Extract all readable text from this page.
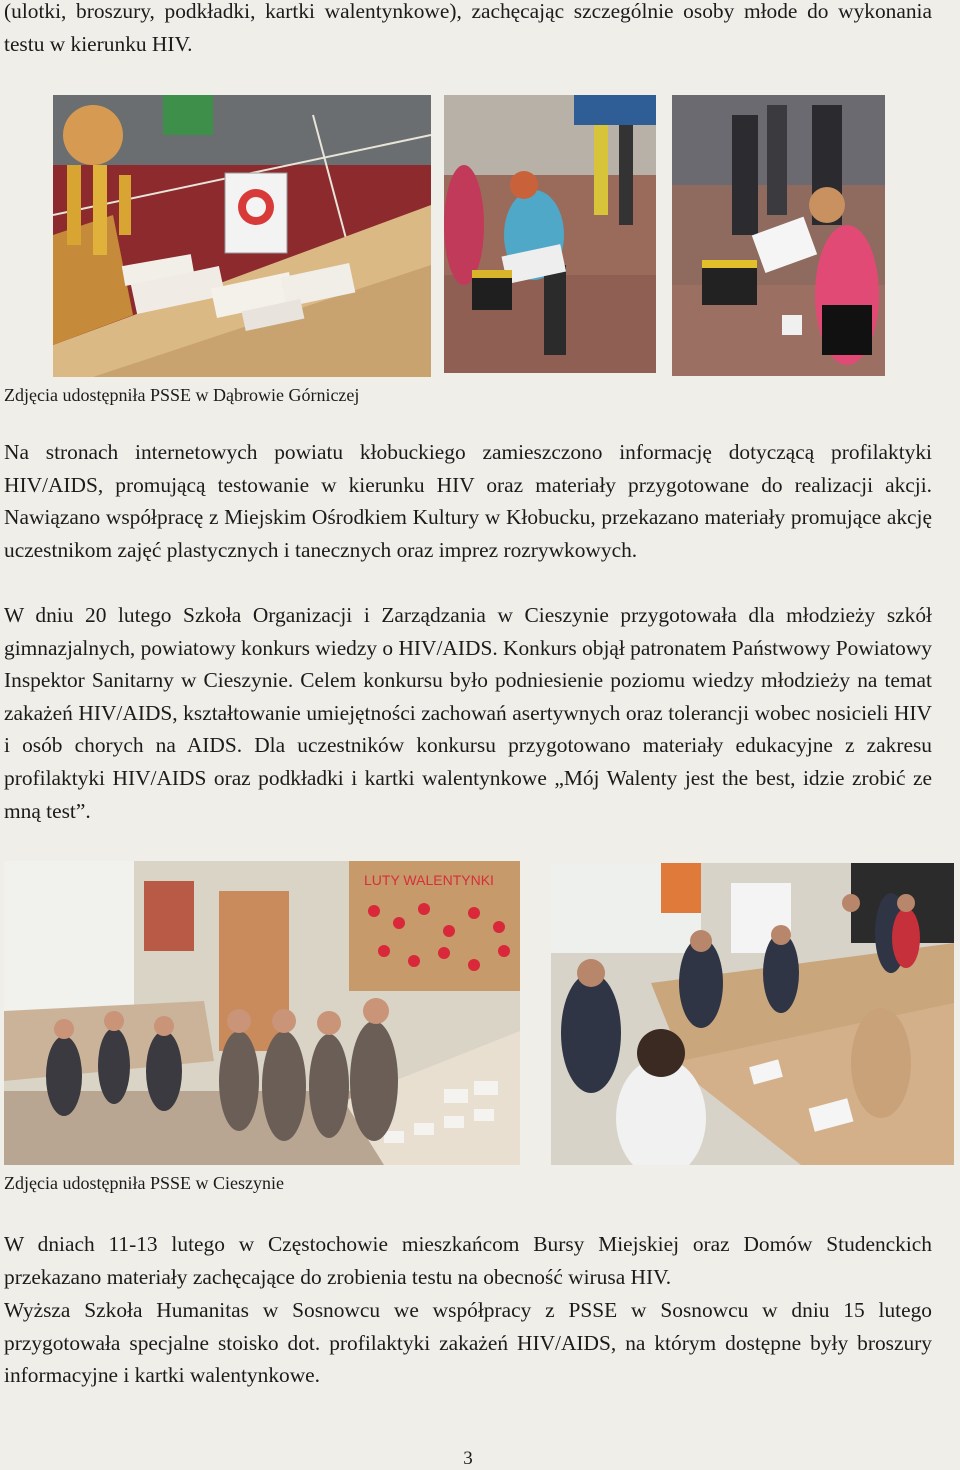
(ulotki, broszury, podkładki, kartki walentynkowe), zachęcając szczególnie osoby młode do wykonania testu w kierunku HIV.

Zdjęcia udostępniła PSSE w Dąbrowie Górniczej

Na stronach internetowych powiatu kłobuckiego zamieszczono informację dotyczącą profilaktyki HIV/AIDS, promującą testowanie w kierunku HIV oraz materiały przygotowane do realizacji akcji. Nawiązano współpracę z Miejskim Ośrodkiem Kultury w Kłobucku, przekazano materiały promujące akcję uczestnikom zajęć plastycznych i tanecznych oraz imprez rozrywkowych.

W dniu 20 lutego Szkoła Organizacji i Zarządzania w Cieszynie przygotowała dla młodzieży szkół gimnazjalnych, powiatowy konkurs wiedzy o HIV/AIDS. Konkurs objął patronatem Państwowy Powiatowy Inspektor Sanitarny w Cieszynie. Celem konkursu było podniesienie poziomu wiedzy młodzieży na temat zakażeń HIV/AIDS, kształtowanie umiejętności zachowań asertywnych oraz tolerancji wobec nosicieli HIV i osób chorych na AIDS. Dla uczestników konkursu przygotowano materiały edukacyjne z zakresu profilaktyki HIV/AIDS oraz podkładki i kartki walentynkowe „Mój Walenty jest the best, idzie zrobić ze mną test”.

LUTY WALENTYNKI

Zdjęcia udostępniła PSSE w Cieszynie

W dniach 11-13 lutego w Częstochowie mieszkańcom Bursy Miejskiej oraz Domów Studenckich przekazano materiały zachęcające do zrobienia testu na obecność wirusa HIV.

Wyższa Szkoła Humanitas w Sosnowcu we współpracy z PSSE w Sosnowcu w dniu 15 lutego przygotowała specjalne stoisko dot. profilaktyki zakażeń HIV/AIDS, na którym dostępne były broszury informacyjne i kartki walentynkowe.

3
